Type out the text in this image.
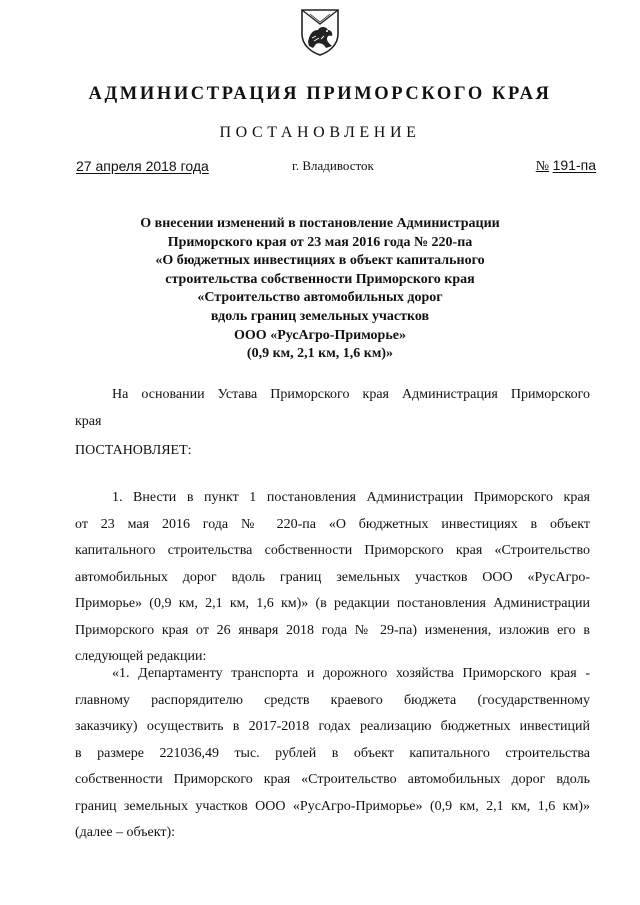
АДМИНИСТРАЦИЯ ПРИМОРСКОГО КРАЯ
ПОСТАНОВЛЕНИЕ
27 апреля 2018 года	г. Владивосток	№ 191-па
О внесении изменений в постановление Администрации
Приморского края от 23 мая 2016 года № 220-па
«О бюджетных инвестициях в объект капитального
строительства собственности Приморского края
«Строительство автомобильных дорог
вдоль границ земельных участков
ООО «РусАгро-Приморье»
(0,9 км, 2,1 км, 1,6 км)»
На основании Устава Приморского края Администрация Приморского
края
ПОСТАНОВЛЯЕТ:
1. Внести в пункт 1 постановления Администрации Приморского края
от 23 мая 2016 года № 220-па «О бюджетных инвестициях в объект
капитального строительства собственности Приморского края «Строительство
автомобильных дорог вдоль границ земельных участков ООО «РусАгро-
Приморье» (0,9 км, 2,1 км, 1,6 км)» (в редакции постановления Администрации
Приморского края от 26 января 2018 года № 29-па) изменения, изложив его в
следующей редакции:
«1. Департаменту транспорта и дорожного хозяйства Приморского края -
главному распорядителю средств краевого бюджета (государственному
заказчику) осуществить в 2017-2018 годах реализацию бюджетных инвестиций
в размере 221036,49 тыс. рублей в объект капитального строительства
собственности Приморского края «Строительство автомобильных дорог вдоль
границ земельных участков ООО «РусАгро-Приморье» (0,9 км, 2,1 км, 1,6 км)»
(далее – объект):
